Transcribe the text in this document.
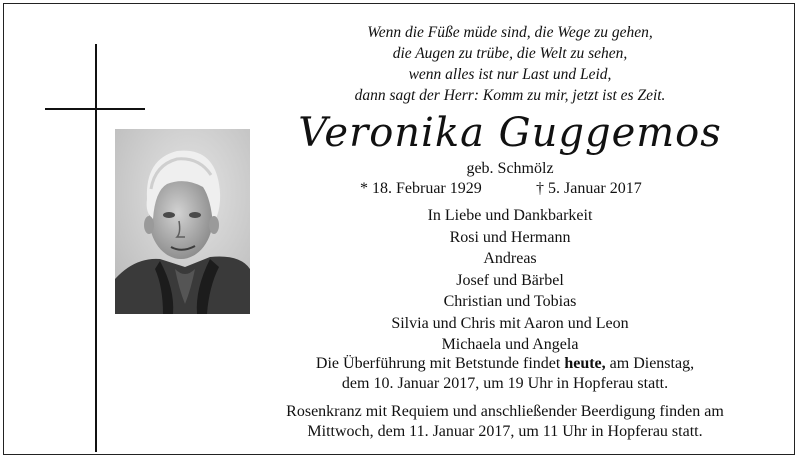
Wenn die Füße müde sind, die Wege zu gehen,
die Augen zu trübe, die Welt zu sehen,
wenn alles ist nur Last und Leid,
dann sagt der Herr: Komm zu mir, jetzt ist es Zeit.
Veronika Guggemos
geb. Schmölz
* 18. Februar 1929	† 5. Januar 2017
In Liebe und Dankbarkeit
Rosi und Hermann
Andreas
Josef und Bärbel
Christian und Tobias
Silvia und Chris mit Aaron und Leon
Michaela und Angela
Die Überführung mit Betstunde findet heute, am Dienstag,
dem 10. Januar 2017, um 19 Uhr in Hopferau statt.
Rosenkranz mit Requiem und anschließender Beerdigung finden am
Mittwoch, dem 11. Januar 2017, um 11 Uhr in Hopferau statt.
